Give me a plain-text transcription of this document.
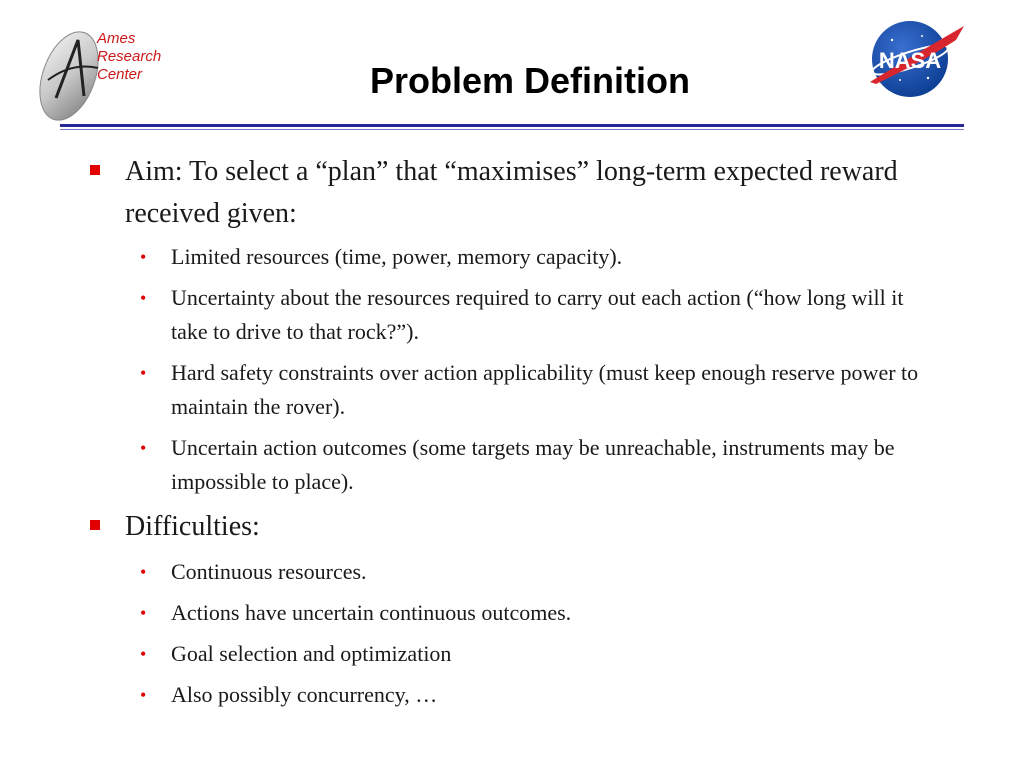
Ames
Research
Center	Problem Definition	NASA
Aim: To select a “plan” that “maximises” long-term expected reward received given:
• Limited resources (time, power, memory capacity).
• Uncertainty about the resources required to carry out each action (“how long will it take to drive to that rock?”).
• Hard safety constraints over action applicability (must keep enough reserve power to maintain the rover).
• Uncertain action outcomes (some targets may be unreachable, instruments may be impossible to place).
Difficulties:
• Continuous resources.
• Actions have uncertain continuous outcomes.
• Goal selection and optimization
• Also possibly concurrency, …
